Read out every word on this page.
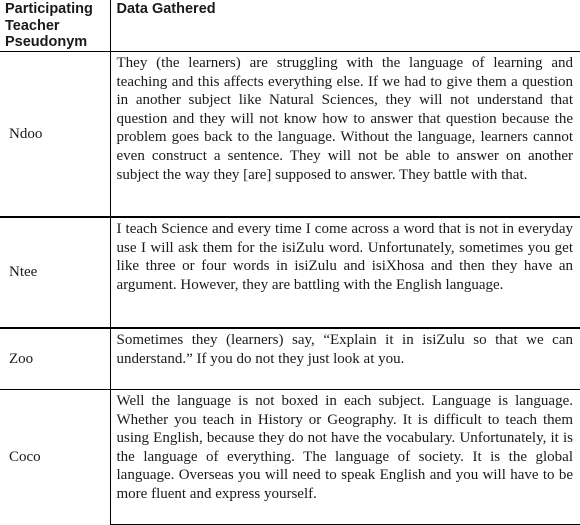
Participating Teacher Pseudonym	Data Gathered
Ndoo	They (the learners) are struggling with the language of learning and teaching and this affects everything else. If we had to give them a question in another subject like Natural Sciences, they will not understand that question and they will not know how to answer that question because the problem goes back to the language. Without the language, learners cannot even construct a sentence. They will not be able to answer on another subject the way they [are] supposed to answer. They battle with that.
Ntee	I teach Science and every time I come across a word that is not in everyday use I will ask them for the isiZulu word. Unfortunately, sometimes you get like three or four words in isiZulu and isiXhosa and then they have an argument. However, they are battling with the English language.
Zoo	Sometimes they (learners) say, “Explain it in isiZulu so that we can understand.” If you do not they just look at you.
Coco	Well the language is not boxed in each subject. Language is language. Whether you teach in History or Geography. It is difficult to teach them using English, because they do not have the vocabulary. Unfortunately, it is the language of everything. The language of society. It is the global language. Overseas you will need to speak English and you will have to be more fluent and express yourself.
